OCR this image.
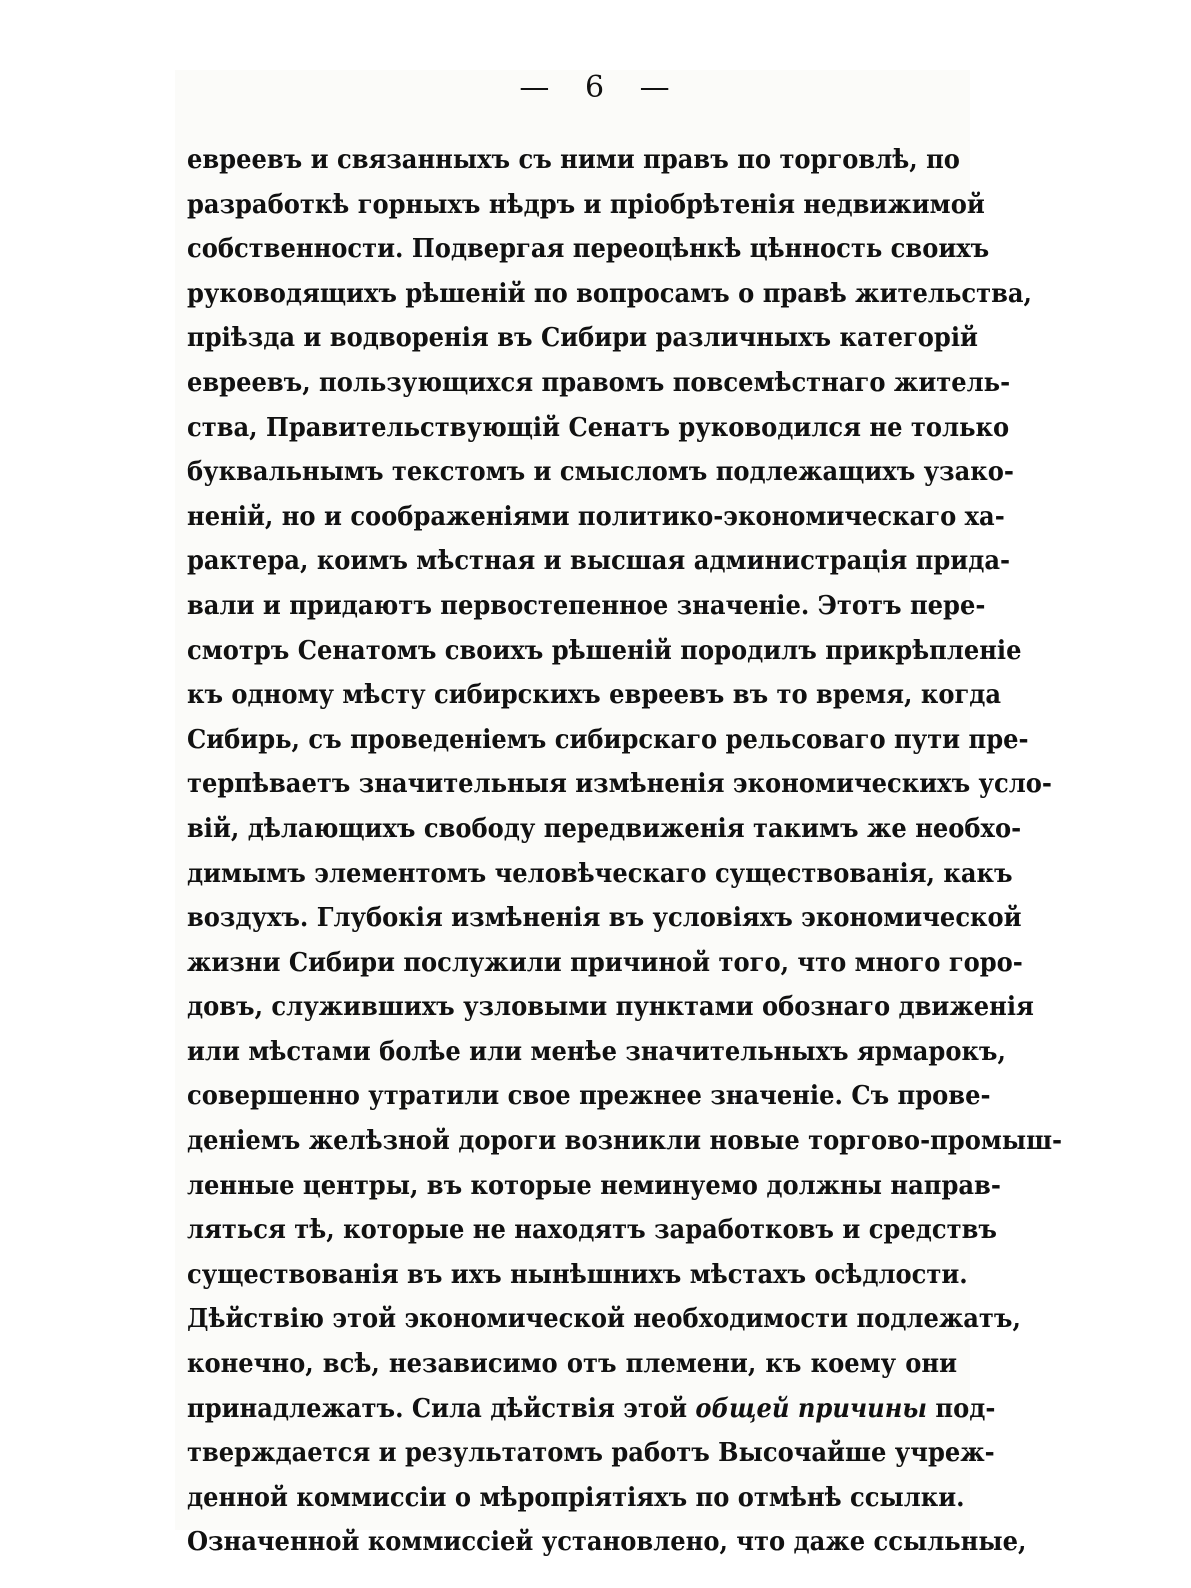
— 6 —
евреевъ и связанныхъ съ ними правъ по торговлѣ, по
разработкѣ горныхъ нѣдръ и пріобрѣтенія недвижимой
собственности. Подвергая переоцѣнкѣ цѣнность своихъ
руководящихъ рѣшеній по вопросамъ о правѣ жительства,
пріѣзда и водворенія въ Сибири различныхъ категорій
евреевъ, пользующихся правомъ повсемѣстнаго житель-
ства, Правительствующій Сенатъ руководился не только
буквальнымъ текстомъ и смысломъ подлежащихъ узако-
неній, но и соображеніями политико-экономическаго ха-
рактера, коимъ мѣстная и высшая администрація прида-
вали и придаютъ первостепенное значеніе. Этотъ пере-
смотръ Сенатомъ своихъ рѣшеній породилъ прикрѣпленіе
къ одному мѣсту сибирскихъ евреевъ въ то время, когда
Сибирь, съ проведеніемъ сибирскаго рельсоваго пути пре-
терпѣваетъ значительныя измѣненія экономическихъ усло-
вій, дѣлающихъ свободу передвиженія такимъ же необхо-
димымъ элементомъ человѣческаго существованія, какъ
воздухъ. Глубокія измѣненія въ условіяхъ экономической
жизни Сибири послужили причиной того, что много горо-
довъ, служившихъ узловыми пунктами обознаго движенія
или мѣстами болѣе или менѣе значительныхъ ярмарокъ,
совершенно утратили свое прежнее значеніе. Съ прове-
деніемъ желѣзной дороги возникли новые торгово-промыш-
ленные центры, въ которые неминуемо должны направ-
ляться тѣ, которые не находятъ заработковъ и средствъ
существованія въ ихъ нынѣшнихъ мѣстахъ осѣдлости.
Дѣйствію этой экономической необходимости подлежатъ,
конечно, всѣ, независимо отъ племени, къ коему они
принадлежатъ. Сила дѣйствія этой общей причины под-
тверждается и результатомъ работъ Высочайше учреж-
денной коммиссіи о мѣропріятіяхъ по отмѣнѣ ссылки.
Означенной коммиссіей установлено, что даже ссыльные,
